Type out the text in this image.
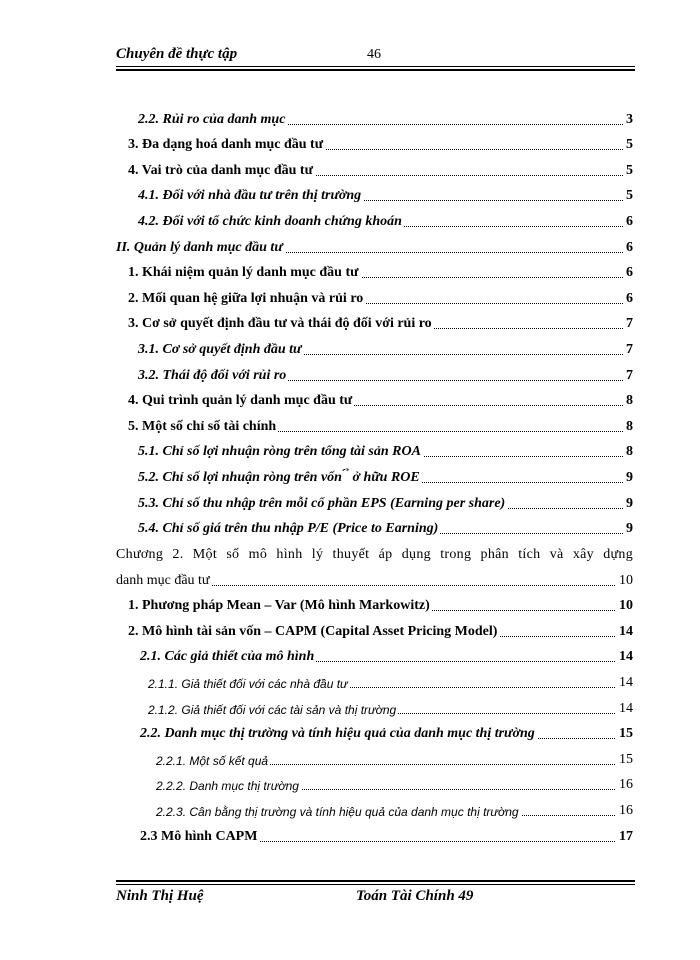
Chuyên đề thực tập	46
2.2. Rủi ro của danh mục	3
3. Đa dạng hoá danh mục đầu tư	5
4. Vai trò của danh mục đầu tư	5
4.1. Đối với nhà đầu tư trên thị trường	5
4.2. Đối với tổ chức kinh doanh chứng khoán	6
II. Quản lý danh mục đầu tư	6
1. Khái niệm quản lý danh mục đầu tư	6
2. Mối quan hệ giữa lợi nhuận và rủi ro	6
3. Cơ sở quyết định đầu tư và thái độ đối với rủi ro	7
3.1. Cơ sở quyết định đầu tư	7
3.2. Thái độ đối với rủi ro	7
4. Qui trình quản lý danh mục đầu tư	8
5. Một số chỉ số tài chính	8
5.1. Chỉ số lợi nhuận ròng trên tổng tài sản ROA	8
5.2. Chỉ số lợi nhuận ròng trên vốn ́ ̉ ở hữu ROE	9
5.3. Chỉ số thu nhập trên mỗi cổ phần EPS (Earning per share)	9
5.4. Chỉ số giá trên thu nhập P/E (Price to Earning)	9
Chương 2. Một số mô hình lý thuyết áp dụng trong phân tích và xây dựng
danh mục đầu tư	10
1. Phương pháp Mean – Var (Mô hình Markowitz)	10
2. Mô hình tài sản vốn – CAPM (Capital Asset Pricing Model)	14
2.1. Các giả thiết của mô hình	14
2.1.1. Giả thiết đối với các nhà đầu tư	14
2.1.2. Giả thiết đối với các tài sản và thị trường	14
2.2. Danh mục thị trường và tính hiệu quả của danh mục thị trường	15
2.2.1. Một số kết quả	15
2.2.2. Danh mục thị trường	16
2.2.3. Cân bằng thị trường và tính hiệu quả của danh mục thị trường	16
2.3 Mô hình CAPM	17
Ninh Thị Huệ	Toán Tài Chính 49
